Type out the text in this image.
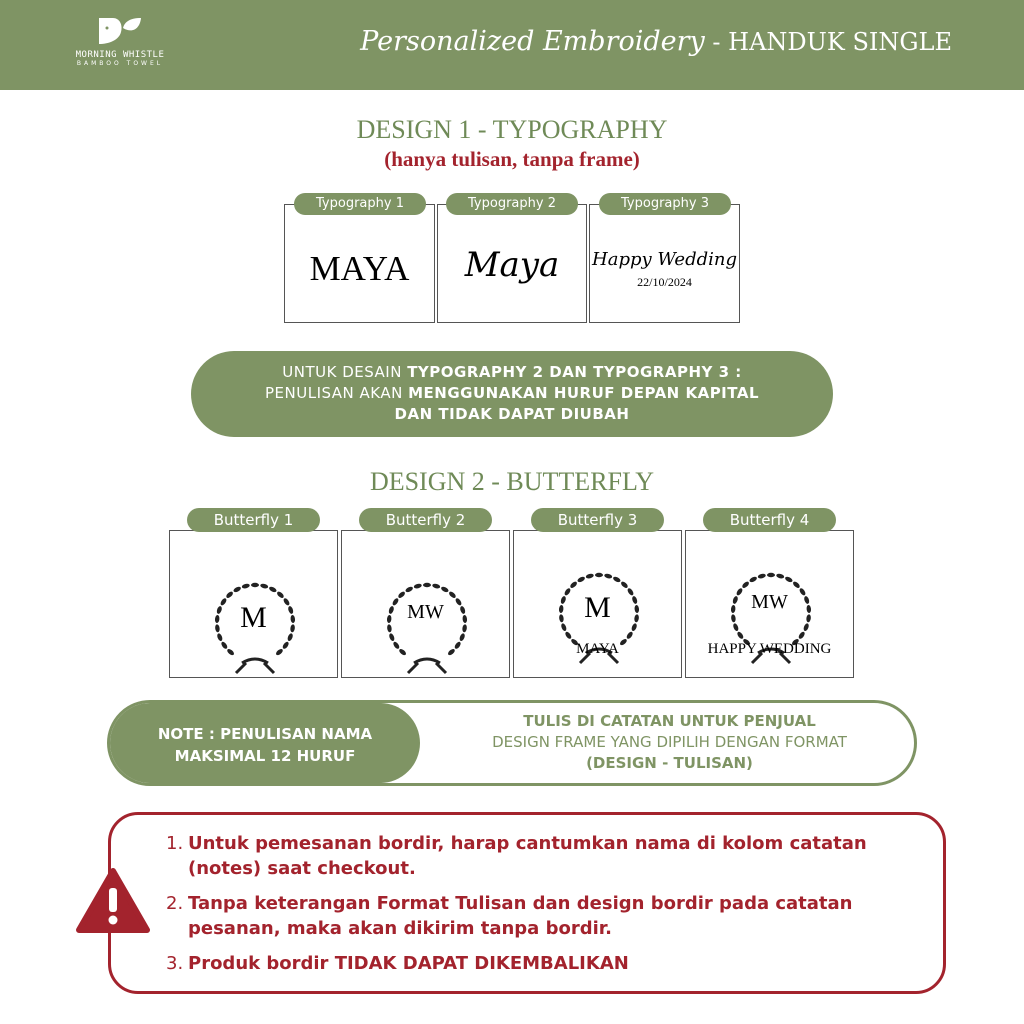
MORNING WHISTLE
BAMBOO TOWEL
Personalized Embroidery - HANDUK SINGLE
DESIGN 1 - TYPOGRAPHY
(hanya tulisan, tanpa frame)
MAYA	Maya	Happy Wedding
22/10/2024
Typography 1	Typography 2	Typography 3
UNTUK DESAIN TYPOGRAPHY 2 DAN TYPOGRAPHY 3 :
PENULISAN AKAN MENGGUNAKAN HURUF DEPAN KAPITAL
DAN TIDAK DAPAT DIUBAH
DESIGN 2 - BUTTERFLY
M
Butterfly 1
MW
Butterfly 2
M
MAYA
Butterfly 3
MW
HAPPY WEDDING
Butterfly 4
NOTE : PENULISAN NAMA
MAKSIMAL 12 HURUF
TULIS DI CATATAN UNTUK PENJUAL
DESIGN FRAME YANG DIPILIH DENGAN FORMAT
(DESIGN - TULISAN)
1. Untuk pemesanan bordir, harap cantumkan nama di kolom catatan (notes) saat checkout.
2. Tanpa keterangan Format Tulisan dan design bordir pada catatan pesanan, maka akan dikirim tanpa bordir.
3. Produk bordir TIDAK DAPAT DIKEMBALIKAN
